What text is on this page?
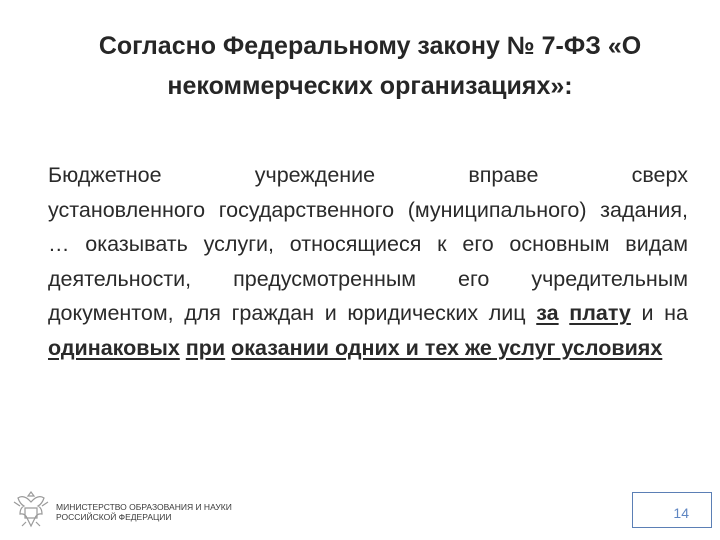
Согласно Федеральному закону № 7-ФЗ «О некоммерческих организациях»:
Бюджетное	учреждение	вправе	сверх
установленного государственного (муниципального) задания, … оказывать услуги, относящиеся к его основным видам деятельности, предусмотренным его учредительным документом, для граждан и юридических лиц за плату и на одинаковых при оказании одних и тех же услуг условиях
МИНИСТЕРСТВО ОБРАЗОВАНИЯ И НАУКИ
РОССИЙСКОЙ ФЕДЕРАЦИИ	14
